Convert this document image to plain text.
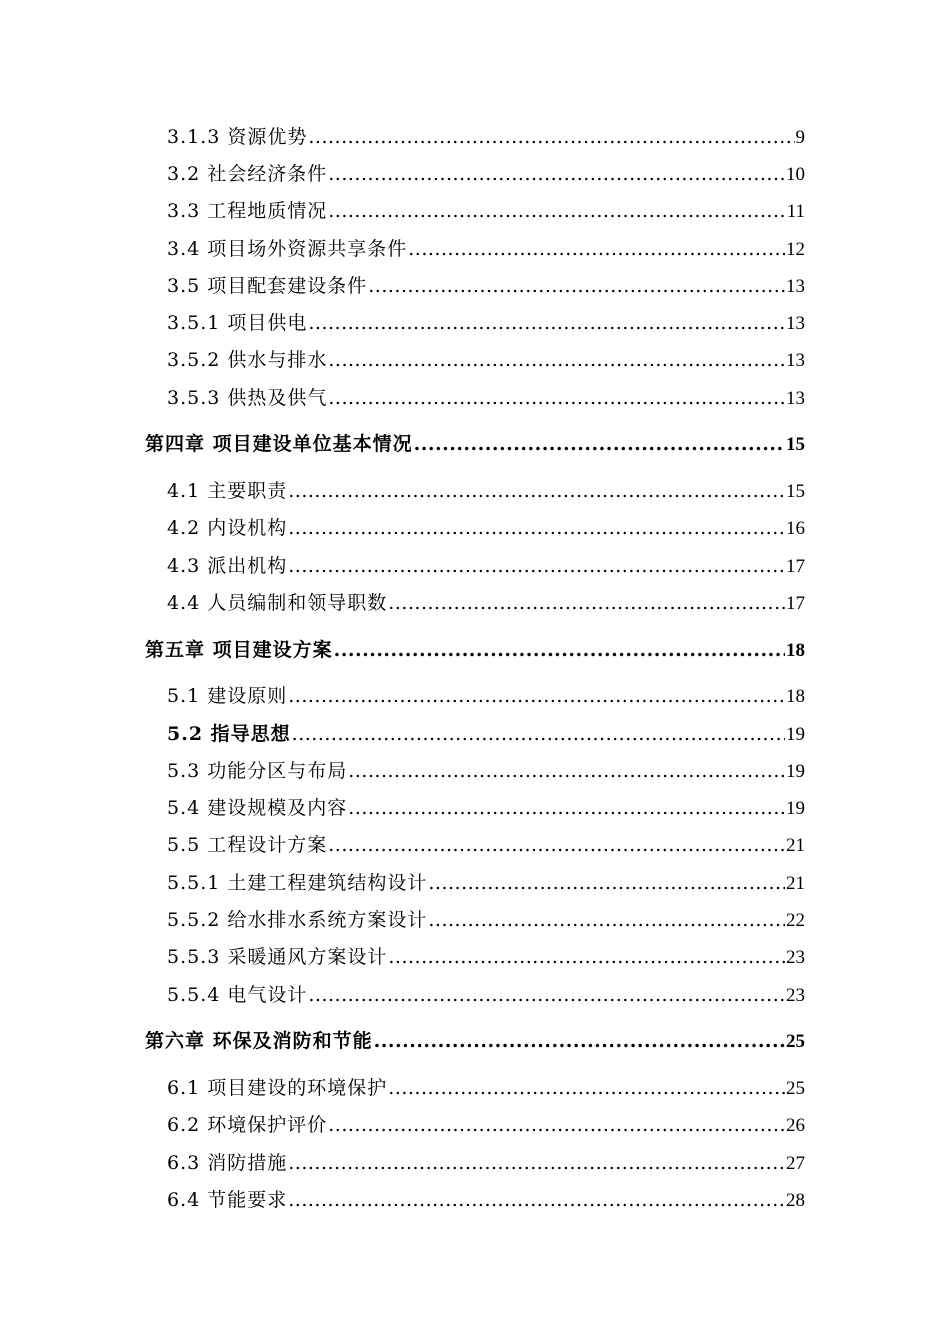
3.1.3 资源优势 .....	9
3.2 社会经济条件 .....	10
3.3 工程地质情况 .....	11
3.4 项目场外资源共享条件 .....	12
3.5 项目配套建设条件 .....	13
3.5.1 项目供电 .....	13
3.5.2 供水与排水 .....	13
3.5.3 供热及供气 .....	13
第四章 项目建设单位基本情况 .....	15
4.1 主要职责 .....	15
4.2 内设机构 .....	16
4.3 派出机构 .....	17
4.4 人员编制和领导职数 .....	17
第五章 项目建设方案 .....	18
5.1 建设原则 .....	18
5.2 指导思想 .....	19
5.3 功能分区与布局 .....	19
5.4 建设规模及内容 .....	19
5.5 工程设计方案 .....	21
5.5.1 土建工程建筑结构设计 .....	21
5.5.2 给水排水系统方案设计 .....	22
5.5.3 采暖通风方案设计 .....	23
5.5.4 电气设计 .....	23
第六章 环保及消防和节能 .....	25
6.1 项目建设的环境保护 .....	25
6.2 环境保护评价 .....	26
6.3 消防措施 .....	27
6.4 节能要求 .....	28
